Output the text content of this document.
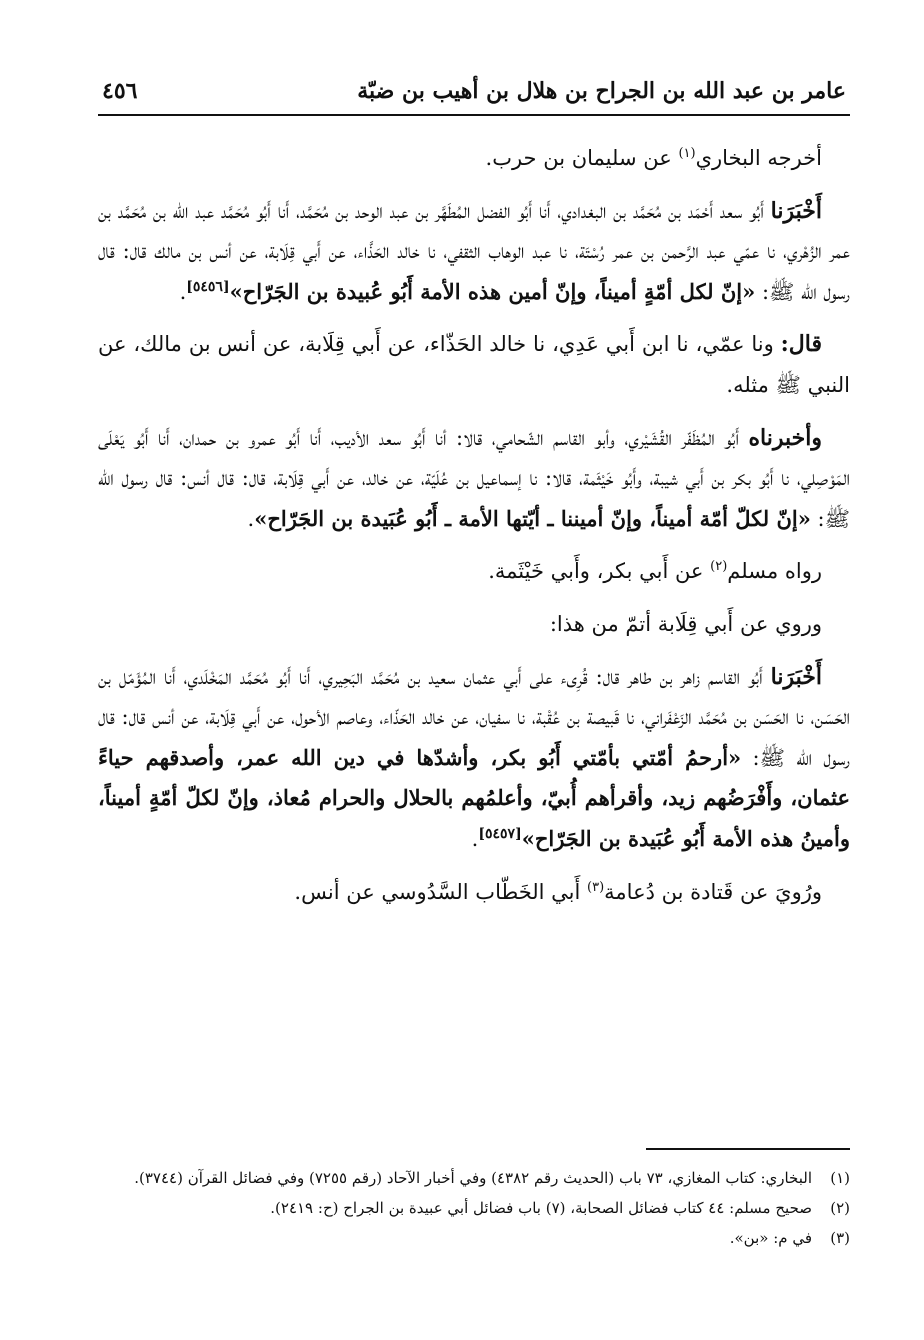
عامر بن عبد الله بن الجراح بن هلال بن أهيب بن ضبّة
٤٥٦

أخرجه البخاري$^{(١)}$ عن سليمان بن حرب.

أَخْبَرَنا أَبُو سعد أَحْمَد بن مُحَمَّد بن البغدادي، أَنا أَبُو الفضل المُطَهَّر بن عبد الوحد بن مُحَمَّد، أَنا أَبُو مُحَمَّد عبد الله بن مُحَمَّد بن عمر الزُهْري، نا عمّي عبد الرَّحمن بن عمر رُسْتَة، نا عبد الوهاب الثقفي، نا خالد الحَذَّاء، عن أَبي قِلَابة، عن أنس بن مالك قال: قال رسول الله ﷺ: «إنّ لكل أمّةٍ أميناً، وإنّ أمين هذه الأمة أَبُو عُبيدة بن الجَرّاح»[٥٤٥٦].

قال: ونا عمّي، نا ابن أَبي عَدِي، نا خالد الحَذّاء، عن أَبي قِلَابة، عن أنس بن مالك، عن النبي ﷺ مثله.

وأخبرناه أَبُو المُظَفّر القُشَيْري، وأبو القاسم الشّحامي، قالا: أنا أَبُو سعد الأديب، أَنا أَبُو عمرو بن حمدان، أَنا أَبُو يَعْلَى المَوْصِلي، نا أَبُو بكر بن أَبي شيبة، وأَبُو خَيْثَمة، قالا: نا إسماعيل بن عُلَيّة، عن خالد، عن أَبي قِلَابة، قال: قال أنس: قال رسول الله ﷺ: «إنّ لكلّ أمّة أميناً، وإنّ أميننا ـ أيّتها الأمة ـ أَبُو عُبَيدة بن الجَرّاح».

رواه مسلم$^{(٢)}$ عن أَبي بكر، وأَبي خَيْثَمة.

وروي عن أَبي قِلَابة أتمّ من هذا:

أَخْبَرَنا أَبُو القاسم زاهر بن طاهر قال: قُرِىء على أَبي عثمان سعيد بن مُحَمَّد البَحِيري، أَنا أَبُو مُحَمَّد المَخْلَدي، أَنا المُؤَمّل بن الحَسَن، نا الحَسَن بن مُحَمَّد الزَعْفَراني، نا قَبيصة بن عُقْبة، نا سفيان، عن خالد الحَذّاء، وعاصم الأحول، عن أَبي قِلَابة، عن أنس قال: قال رسول الله ﷺ: «أرحمُ أمّتي بأمّتي أَبُو بكر، وأشدّها في دين الله عمر، وأصدقهم حياءً عثمان، وأَفْرَضُهم زيد، وأقرأهم أُبيّ، وأعلمُهم بالحلال والحرام مُعاذ، وإنّ لكلّ أمّةٍ أميناً، وأمينُ هذه الأمة أَبُو عُبَيدة بن الجَرّاح»[٥٤٥٧].

ورُويَ عن قَتادة بن دُعامة$^{(٣)}$ أَبي الخَطّاب السَّدُوسي عن أنس.

(١)
البخاري: كتاب المغازي، ٧٣ باب (الحديث رقم ٤٣٨٢) وفي أخبار الآحاد (رقم ٧٢٥٥) وفي فضائل القرآن (٣٧٤٤).
(٢)
صحيح مسلم: ٤٤ كتاب فضائل الصحابة، (٧) باب فضائل أبي عبيدة بن الجراح (ح: ٢٤١٩).
(٣)
في م: «بن».
